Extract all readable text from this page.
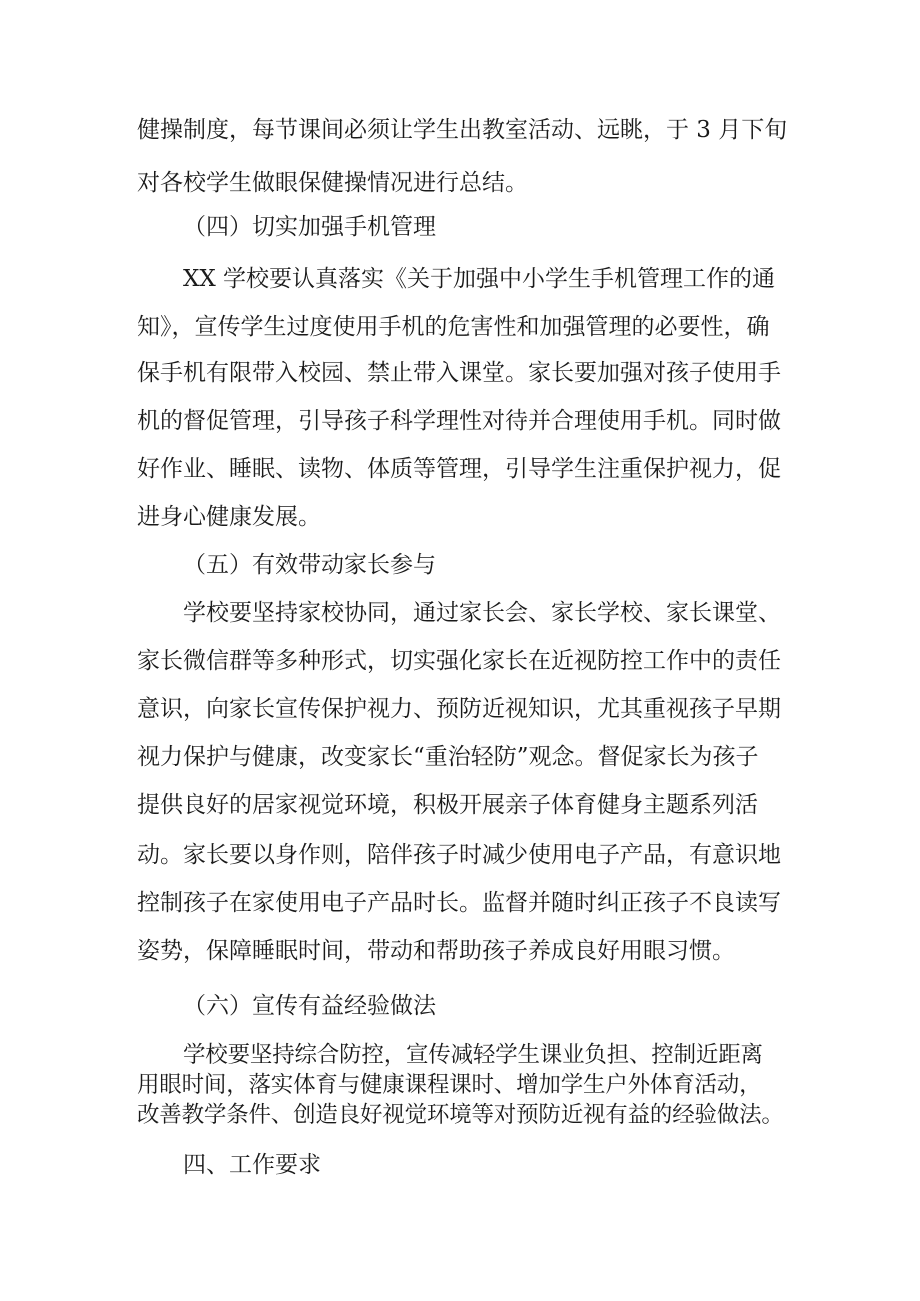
健操制度，每节课间必须让学生出教室活动、远眺，于 3 月下旬
对各校学生做眼保健操情况进行总结。
（四）切实加强手机管理
XX 学校要认真落实《关于加强中小学生手机管理工作的通
知》，宣传学生过度使用手机的危害性和加强管理的必要性，确
保手机有限带入校园、禁止带入课堂。家长要加强对孩子使用手
机的督促管理，引导孩子科学理性对待并合理使用手机。同时做
好作业、睡眠、读物、体质等管理，引导学生注重保护视力，促
进身心健康发展。
（五）有效带动家长参与
学校要坚持家校协同，通过家长会、家长学校、家长课堂、
家长微信群等多种形式，切实强化家长在近视防控工作中的责任
意识，向家长宣传保护视力、预防近视知识，尤其重视孩子早期
视力保护与健康，改变家长“重治轻防”观念。督促家长为孩子
提供良好的居家视觉环境，积极开展亲子体育健身主题系列活
动。家长要以身作则，陪伴孩子时减少使用电子产品，有意识地
控制孩子在家使用电子产品时长。监督并随时纠正孩子不良读写
姿势，保障睡眠时间，带动和帮助孩子养成良好用眼习惯。
（六）宣传有益经验做法
学校要坚持综合防控，宣传减轻学生课业负担、控制近距离
用眼时间，落实体育与健康课程课时、增加学生户外体育活动，
改善教学条件、创造良好视觉环境等对预防近视有益的经验做法。
四、工作要求
